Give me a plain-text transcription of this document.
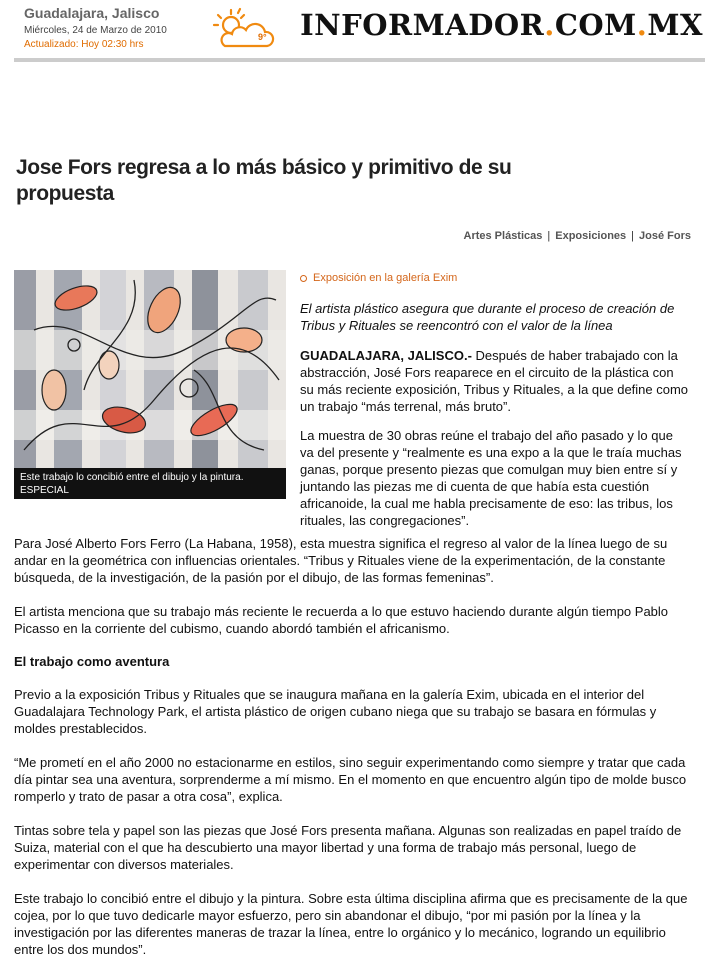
Guadalajara, Jalisco
Miércoles, 24 de Marzo de 2010
Actualizado: Hoy 02:30 hrs
9° INFORMADOR.COM.MX
Jose Fors regresa a lo más básico y primitivo de su propuesta
Artes Plásticas | Exposiciones | José Fors
Este trabajo lo concibió entre el dibujo y la pintura.
ESPECIAL
Exposición en la galería Exim
El artista plástico asegura que durante el proceso de creación de Tribus y Rituales se reencontró con el valor de la línea

GUADALAJARA, JALISCO.- Después de haber trabajado con la abstracción, José Fors reaparece en el circuito de la plástica con su más reciente exposición, Tribus y Rituales, a la que define como un trabajo “más terrenal, más bruto”.

La muestra de 30 obras reúne el trabajo del año pasado y lo que va del presente y “realmente es una expo a la que le traía muchas ganas, porque presento piezas que comulgan muy bien entre sí y juntando las piezas me di cuenta de que había esta cuestión africanoide, la cual me habla precisamente de eso: las tribus, los rituales, las congregaciones”.

Para José Alberto Fors Ferro (La Habana, 1958), esta muestra significa el regreso al valor de la línea luego de su andar en la geométrica con influencias orientales. “Tribus y Rituales viene de la experimentación, de la constante búsqueda, de la investigación, de la pasión por el dibujo, de las formas femeninas”.

El artista menciona que su trabajo más reciente le recuerda a lo que estuvo haciendo durante algún tiempo Pablo Picasso en la corriente del cubismo, cuando abordó también el africanismo.

El trabajo como aventura

Previo a la exposición Tribus y Rituales que se inaugura mañana en la galería Exim, ubicada en el interior del Guadalajara Technology Park, el artista plástico de origen cubano niega que su trabajo se basara en fórmulas y moldes prestablecidos.

“Me prometí en el año 2000 no estacionarme en estilos, sino seguir experimentando como siempre y tratar que cada día pintar sea una aventura, sorprenderme a mí mismo. En el momento en que encuentro algún tipo de molde busco romperlo y trato de pasar a otra cosa”, explica.

Tintas sobre tela y papel son las piezas que José Fors presenta mañana. Algunas son realizadas en papel traído de Suiza, material con el que ha descubierto una mayor libertad y una forma de trabajo más personal, luego de experimentar con diversos materiales.

Este trabajo lo concibió entre el dibujo y la pintura. Sobre esta última disciplina afirma que es precisamente de la que cojea, por lo que tuvo dedicarle mayor esfuerzo, pero sin abandonar el dibujo, “por mi pasión por la línea y la investigación por las diferentes maneras de trazar la línea, entre lo orgánico y lo mecánico, logrando un equilibrio entre los dos mundos”.
